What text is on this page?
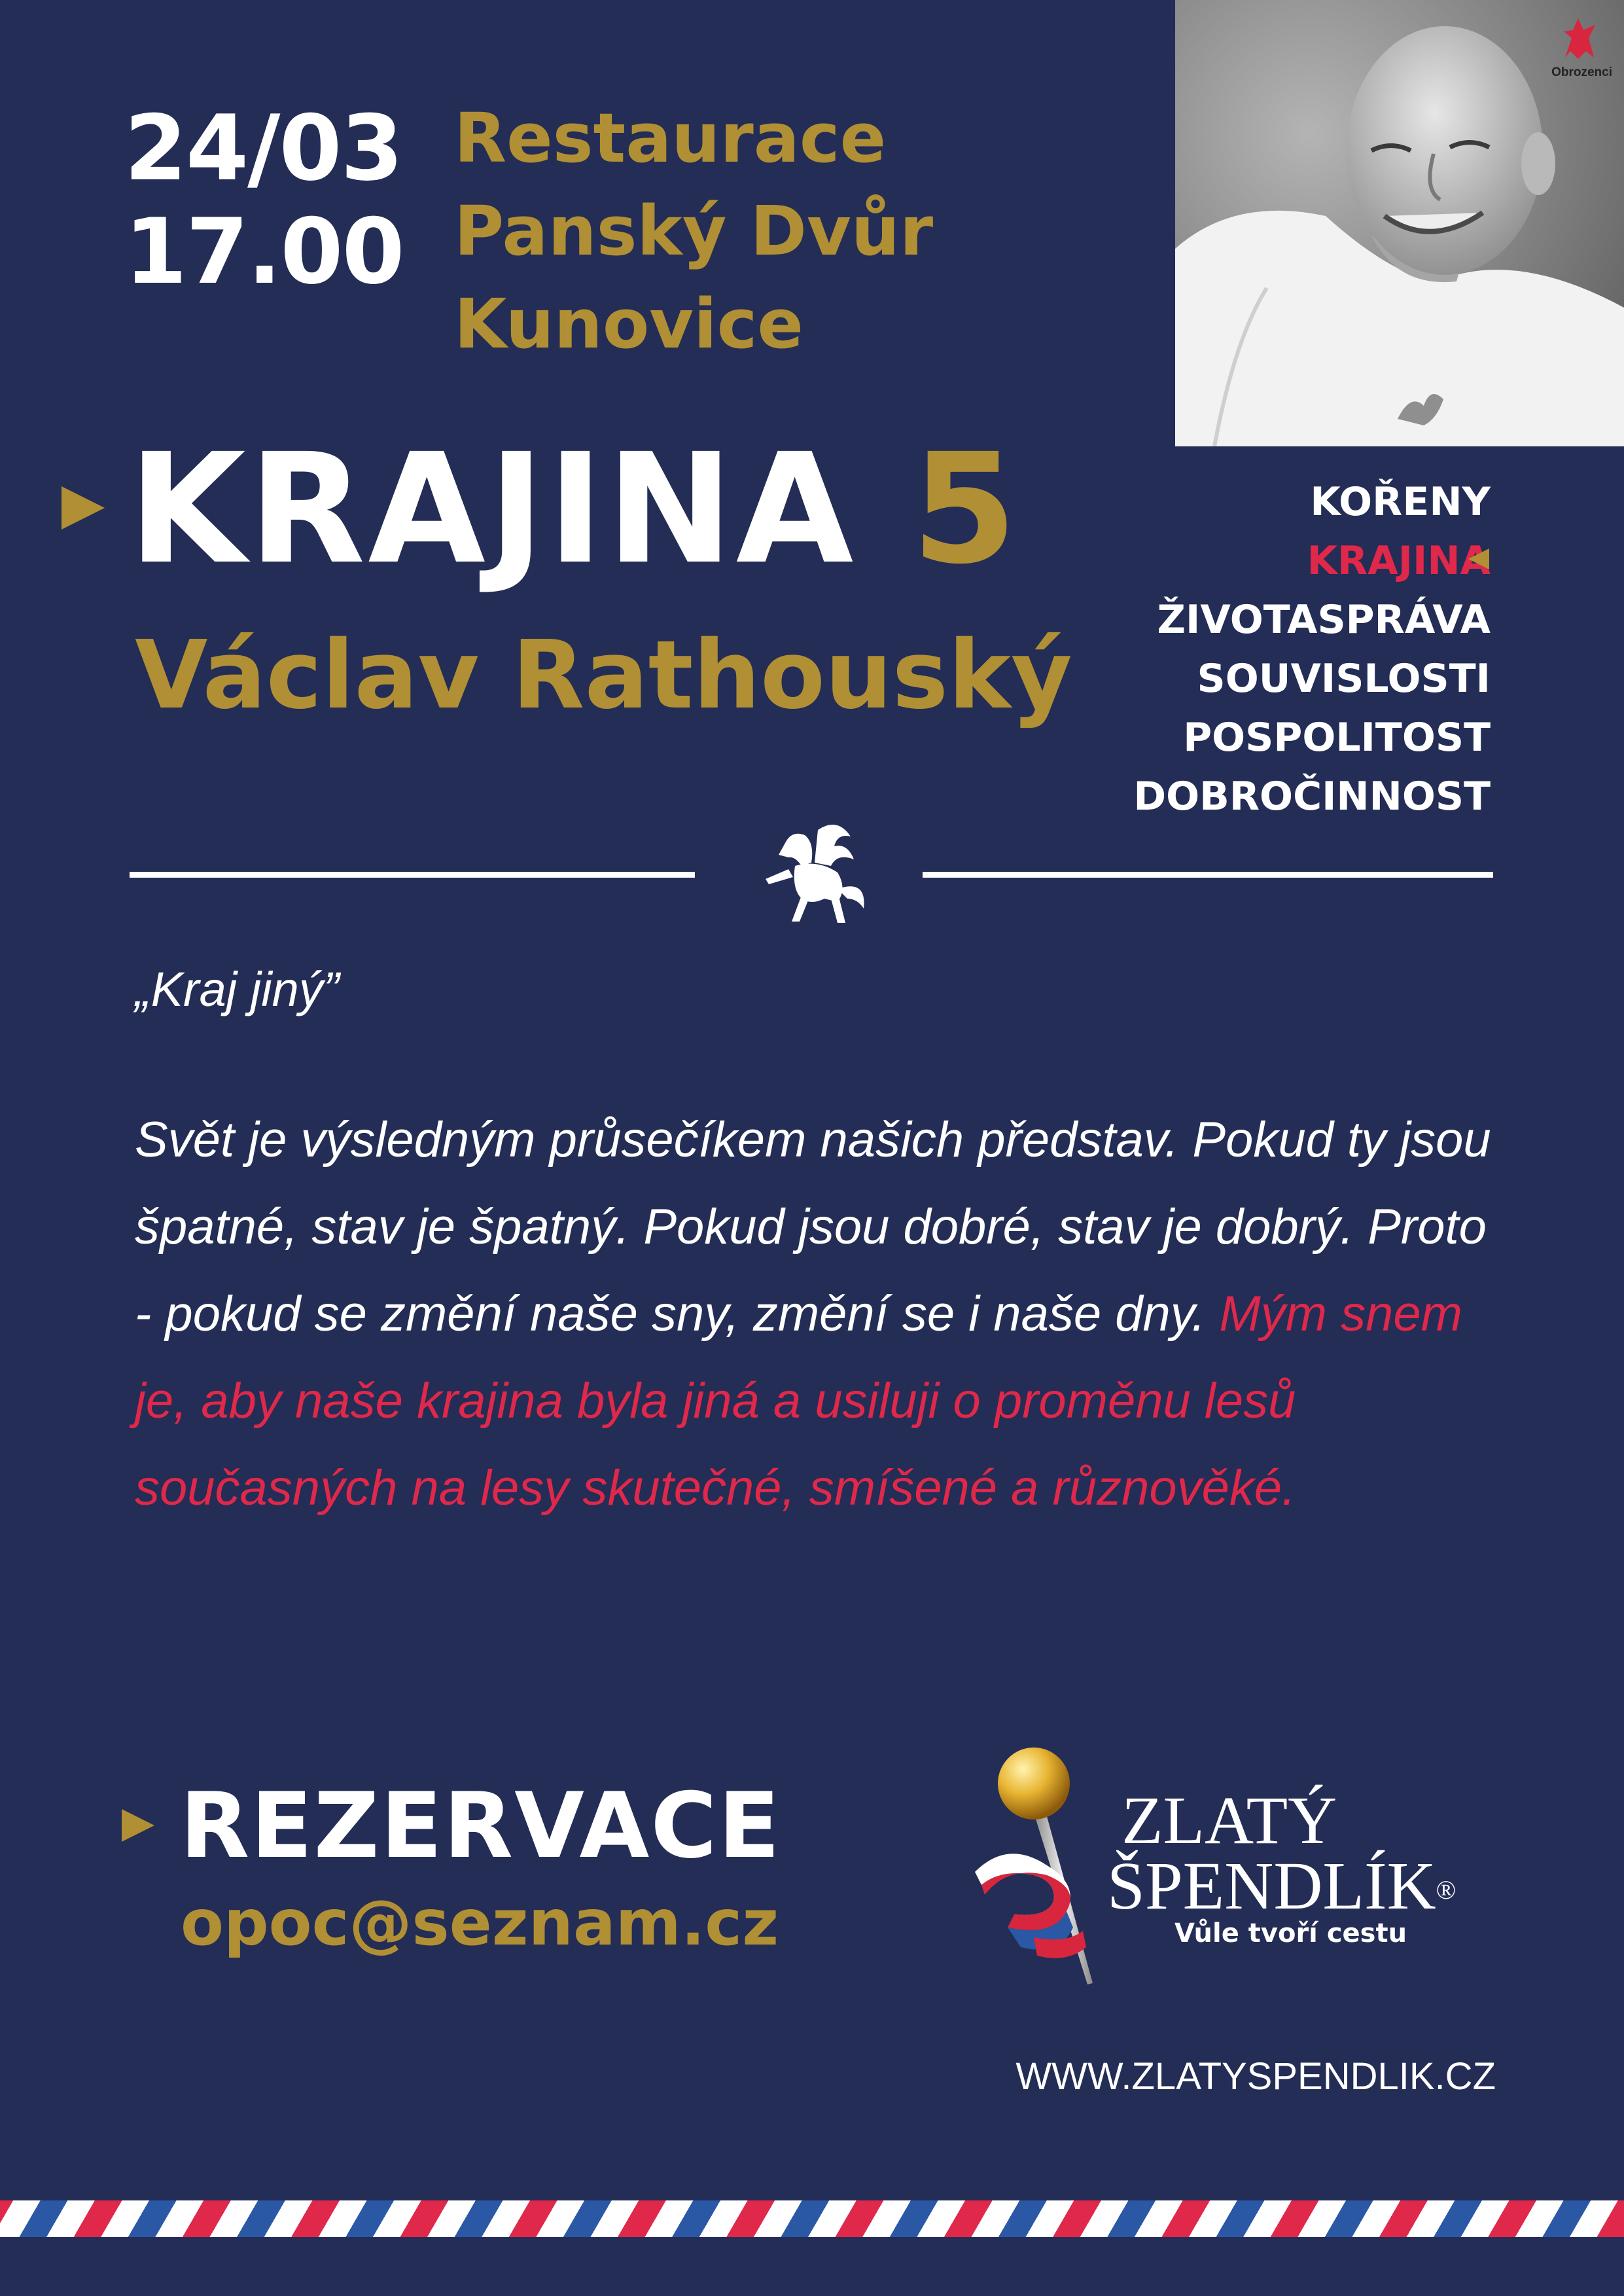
24/03
17.00
Restaurace
Panský Dvůr
Kunovice
Obrozenci
KRAJINA 5
Václav Rathouský
KOŘENY
KRAJINA
ŽIVOTASPRÁVA
SOUVISLOSTI
POSPOLITOST
DOBROČINNOST
„Kraj jiný”
Svět je výsledným průsečíkem našich představ. Pokud ty jsou špatné, stav je špatný. Pokud jsou dobré, stav je dobrý. Proto - pokud se změní naše sny, změní se i naše dny. Mým snem je, aby naše krajina byla jiná a usiluji o proměnu lesů současných na lesy skutečné, smíšené a různověké.
REZERVACE
opoc@seznam.cz
ZLATÝ
ŠPENDLÍK®
Vůle tvoří cestu
WWW.ZLATYSPENDLIK.CZ
